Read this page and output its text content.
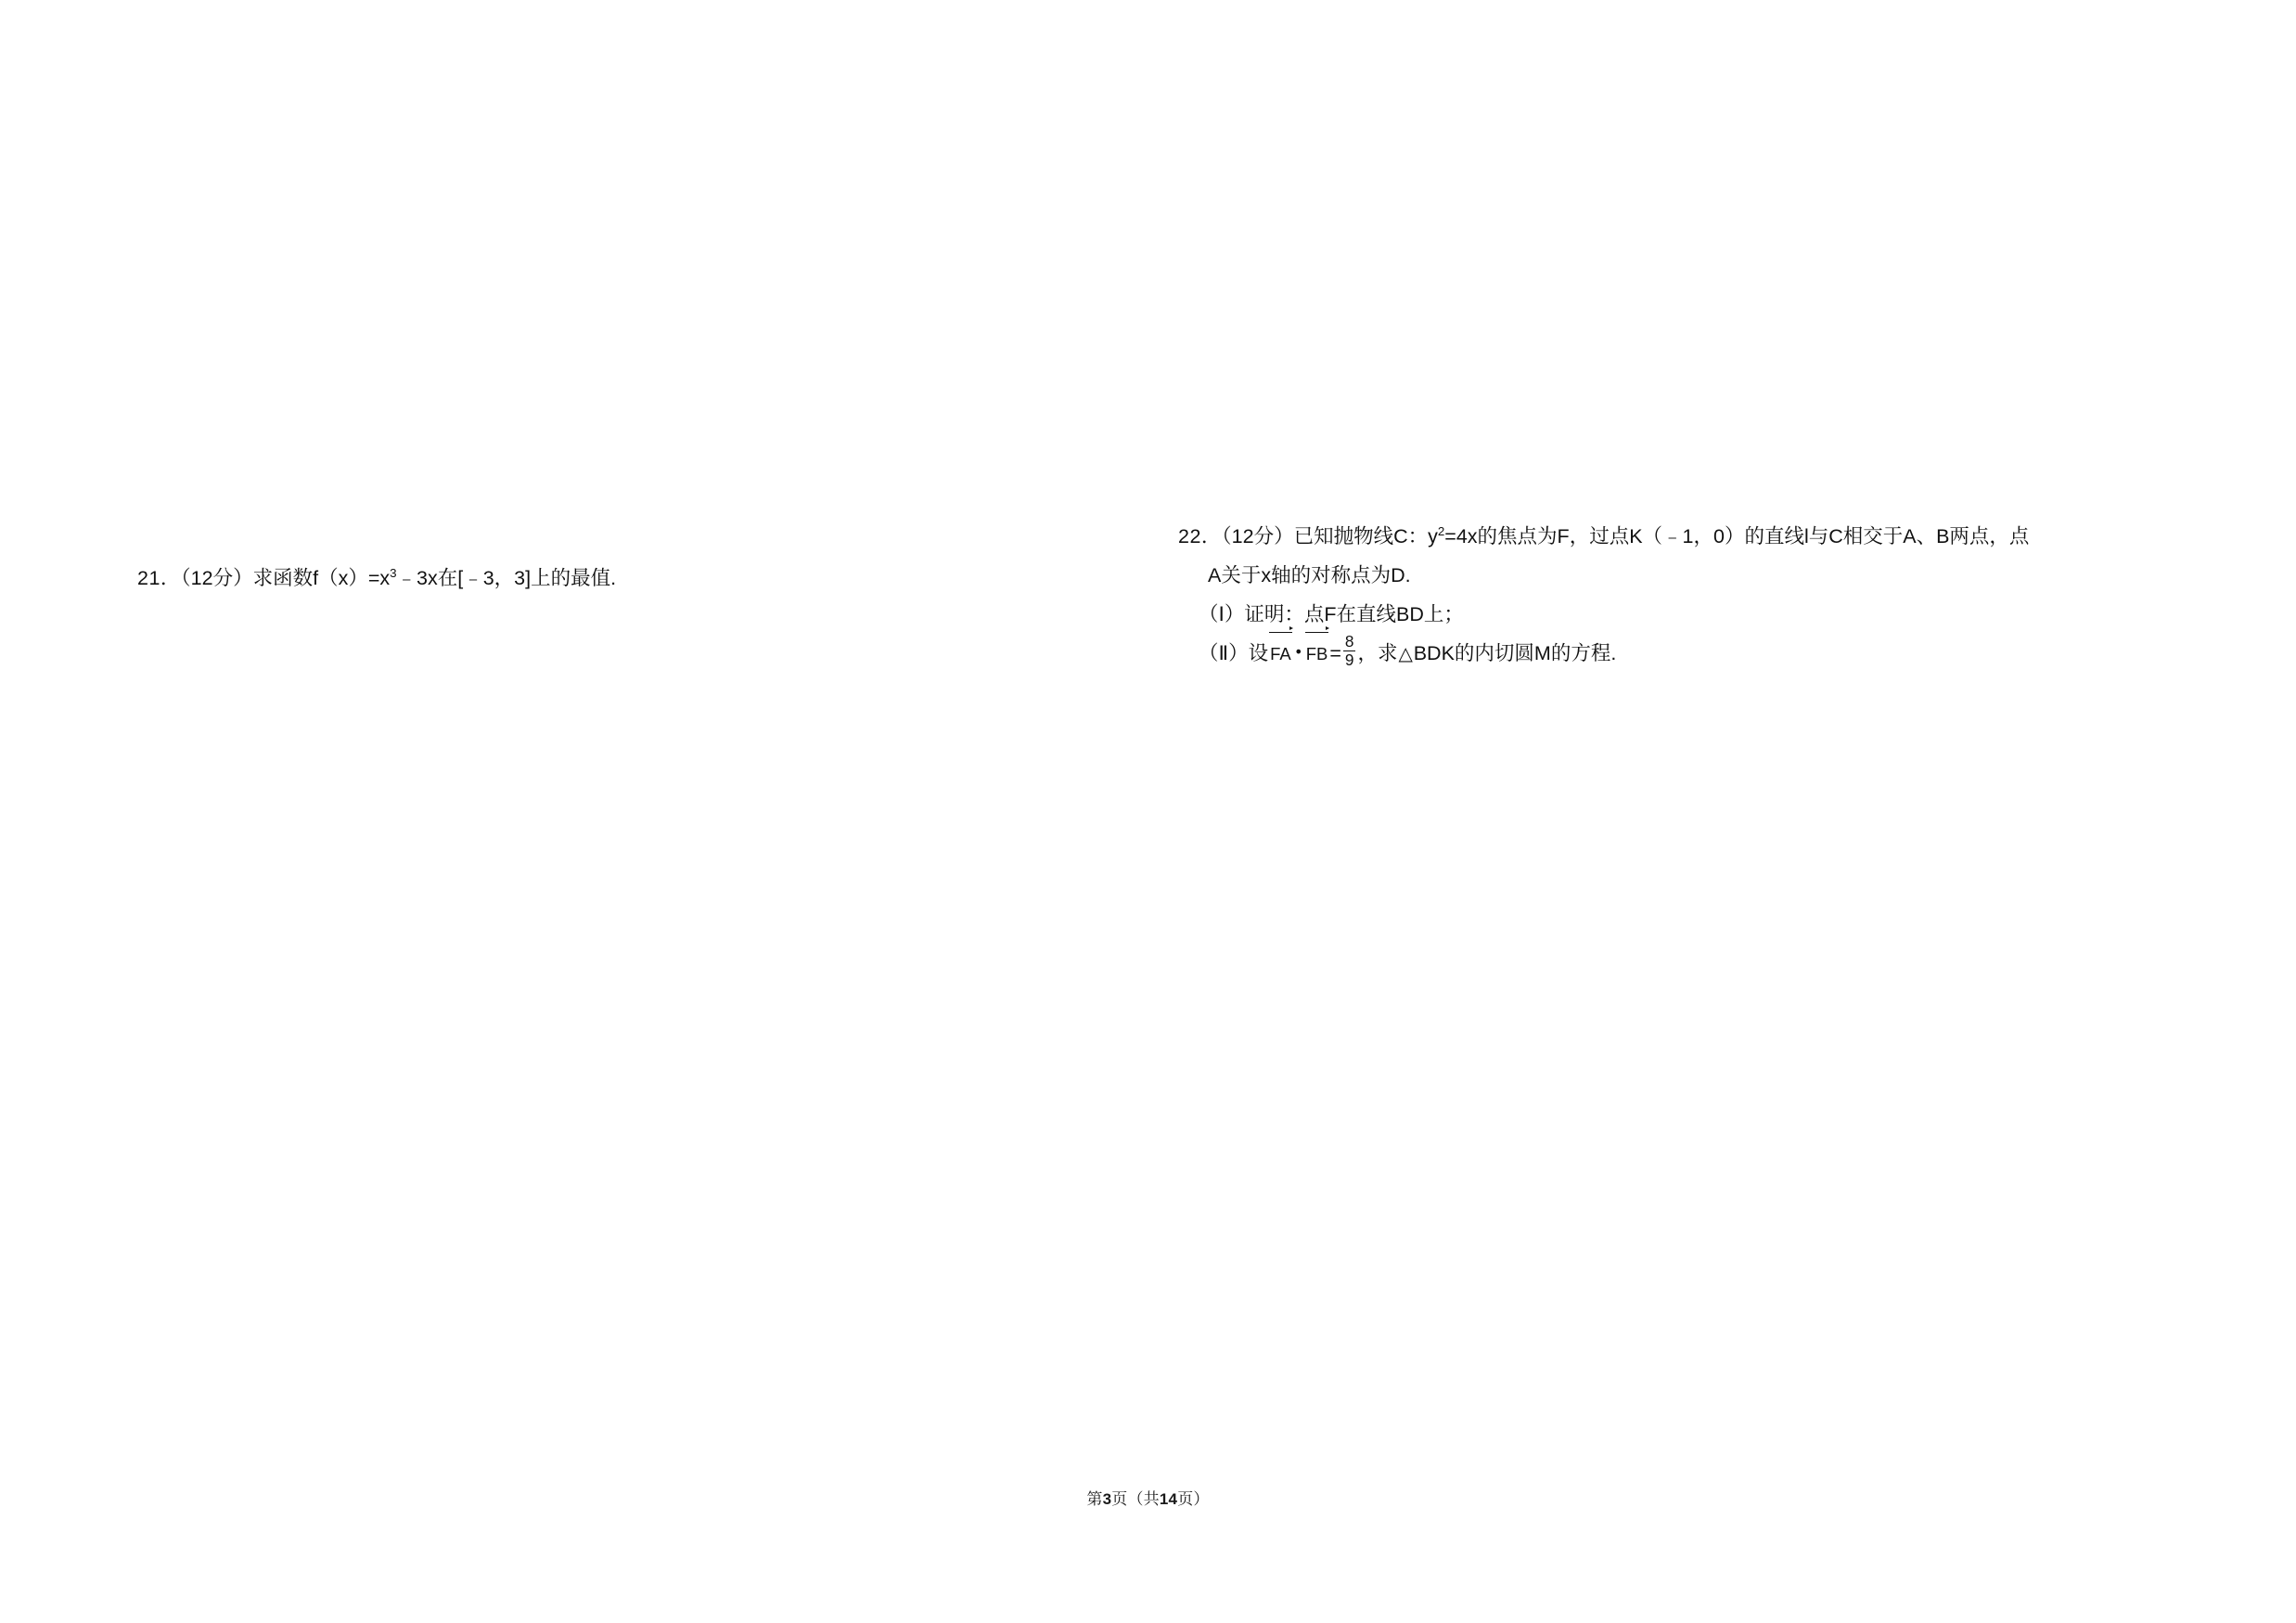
21．（12分）求函数$f(x)=x^3﹣3x$在[﹣3，3]上的最值.
22．（12分）已知抛物线C：$y^2=4x$的焦点为F，过点K（﹣1，0）的直线l与C相交于A、B两点，点
A关于x轴的对称点为D.
（Ⅰ）证明：点F在直线BD上；
（Ⅱ）设 FA • $FB= \frac{8}{9}$ ，求△BDK的内切圆M的方程.
第3页（共14页）
